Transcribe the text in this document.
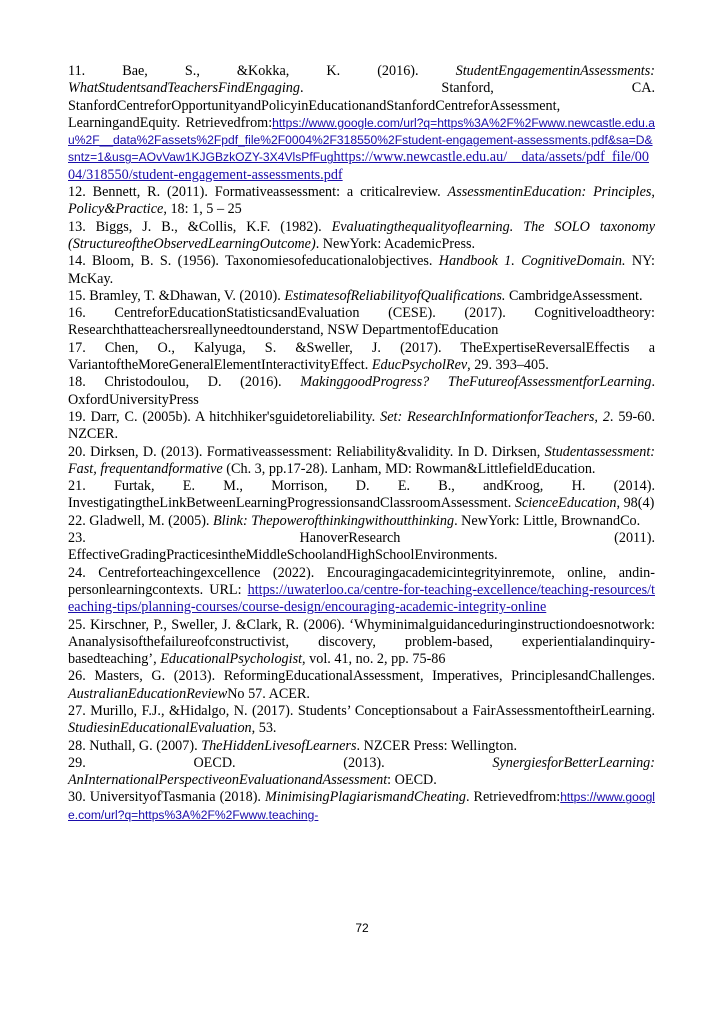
11. Bae, S., &Kokka, K. (2016). StudentEngagementinAssessments: WhatStudentsandTeachersFindEngaging. Stanford, CA. StanfordCentreforOpportunityandPolicyinEducationandStanfordCentreforAssessment, LearningandEquity. Retrievedfrom:https://www.google.com/url?q=https%3A%2F%2Fwww.newcastle.edu.au%2F__data%2Fassets%2Fpdf_file%2F0004%2F318550%2Fstudent-engagement-assessments.pdf&sa=D&sntz=1&usg=AOvVaw1KJGBzkOZY-3X4VlsPfFughttps://www.newcastle.edu.au/__data/assets/pdf_file/0004/318550/student-engagement-assessments.pdf

12. Bennett, R. (2011). Formativeassessment: a criticalreview. AssessmentinEducation: Principles, Policy&Practice, 18: 1, 5 – 25

13. Biggs, J. B., &Collis, K.F. (1982). Evaluatingthequalityoflearning. The SOLO taxonomy (StructureoftheObservedLearningOutcome). NewYork: AcademicPress.

14. Bloom, B. S. (1956). Taxonomiesofeducationalobjectives. Handbook 1. CognitiveDomain. NY: McKay.

15. Bramley, T. &Dhawan, V. (2010). EstimatesofReliabilityofQualifications. CambridgeAssessment.

16. CentreforEducationStatisticsandEvaluation (CESE). (2017). Cognitiveloadtheory: Researchthatteachersreallyneedtounderstand, NSW DepartmentofEducation

17. Chen, O., Kalyuga, S. &Sweller, J. (2017). TheExpertiseReversalEffectis a VariantoftheMoreGeneralElementInteractivityEffect. EducPsycholRev, 29. 393–405.

18. Christodoulou, D. (2016). MakinggoodProgress? TheFutureofAssessmentforLearning. OxfordUniversityPress

19. Darr, C. (2005b). A hitchhiker'sguidetoreliability. Set: ResearchInformationforTeachers, 2. 59-60. NZCER.

20. Dirksen, D. (2013). Formativeassessment: Reliability&validity. In D. Dirksen, Studentassessment: Fast, frequentandformative (Ch. 3, pp.17-28). Lanham, MD: Rowman&LittlefieldEducation.

21. Furtak, E. M., Morrison, D. E. B., andKroog, H. (2014). InvestigatingtheLinkBetweenLearningProgressionsandClassroomAssessment. ScienceEducation, 98(4)

22. Gladwell, M. (2005). Blink: Thepowerofthinkingwithoutthinking. NewYork: Little, BrownandCo.

23. HanoverResearch (2011). EffectiveGradingPracticesintheMiddleSchoolandHighSchoolEnvironments.

24. Centreforteachingexcellence (2022). Encouragingacademicintegrityinremote, online, andin-personlearningcontexts. URL: https://uwaterloo.ca/centre-for-teaching-excellence/teaching-resources/teaching-tips/planning-courses/course-design/encouraging-academic-integrity-online

25. Kirschner, P., Sweller, J. &Clark, R. (2006). ‘Whyminimalguidanceduringinstructiondoesnotwork: Ananalysisofthefailureofconstructivist, discovery, problem-based, experientialandinquiry-basedteaching’, EducationalPsychologist, vol. 41, no. 2, pp. 75-86

26. Masters, G. (2013). ReformingEducationalAssessment, Imperatives, PrinciplesandChallenges. AustralianEducationReviewNo 57. ACER.

27. Murillo, F.J., &Hidalgo, N. (2017). Students’ Conceptionsabout a FairAssessmentoftheirLearning. StudiesinEducationalEvaluation, 53.

28. Nuthall, G. (2007). TheHiddenLivesofLearners. NZCER Press: Wellington.

29. OECD. (2013). SynergiesforBetterLearning: AnInternationalPerspectiveonEvaluationandAssessment: OECD.

30. UniversityofTasmania (2018). MinimisingPlagiarismandCheating. Retrievedfrom:https://www.google.com/url?q=https%3A%2F%2Fwww.teaching-

72
